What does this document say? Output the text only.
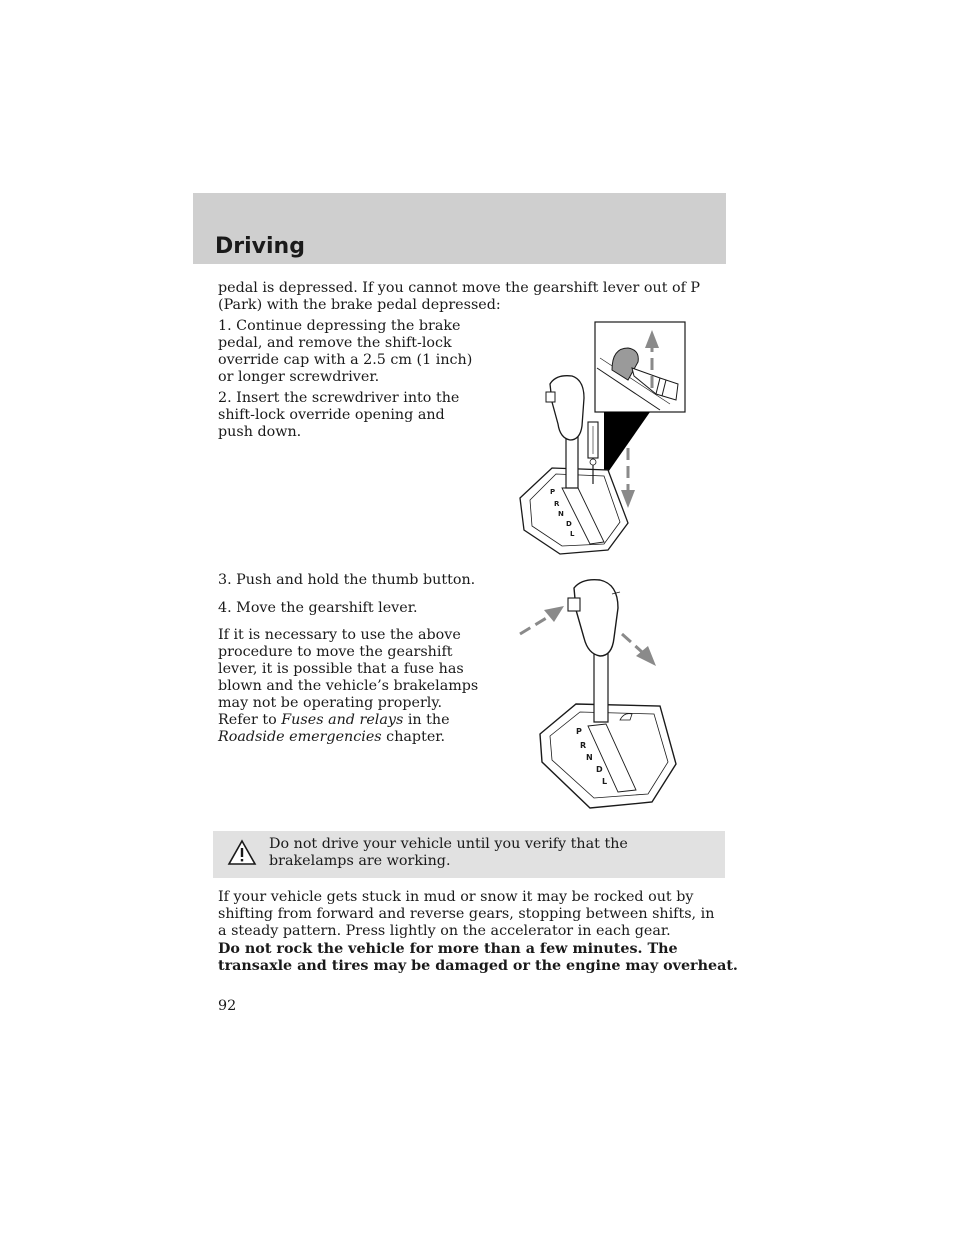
Driving

pedal is depressed. If you cannot move the gearshift lever out of P (Park) with the brake pedal depressed:

1. Continue depressing the brake pedal, and remove the shift-lock override cap with a 2.5 cm (1 inch) or longer screwdriver.

2. Insert the screwdriver into the shift-lock override opening and push down.

P
R
N
D
L

3. Push and hold the thumb button.

4. Move the gearshift lever.

If it is necessary to use the above procedure to move the gearshift lever, it is possible that a fuse has blown and the vehicle’s brakelamps may not be operating properly. Refer to Fuses and relays in the Roadside emergencies chapter.	P
R
N
D
L

Do not drive your vehicle until you verify that the brakelamps are working.

If your vehicle gets stuck in mud or snow it may be rocked out by shifting from forward and reverse gears, stopping between shifts, in a steady pattern. Press lightly on the accelerator in each gear.

Do not rock the vehicle for more than a few minutes. The transaxle and tires may be damaged or the engine may overheat.

92
